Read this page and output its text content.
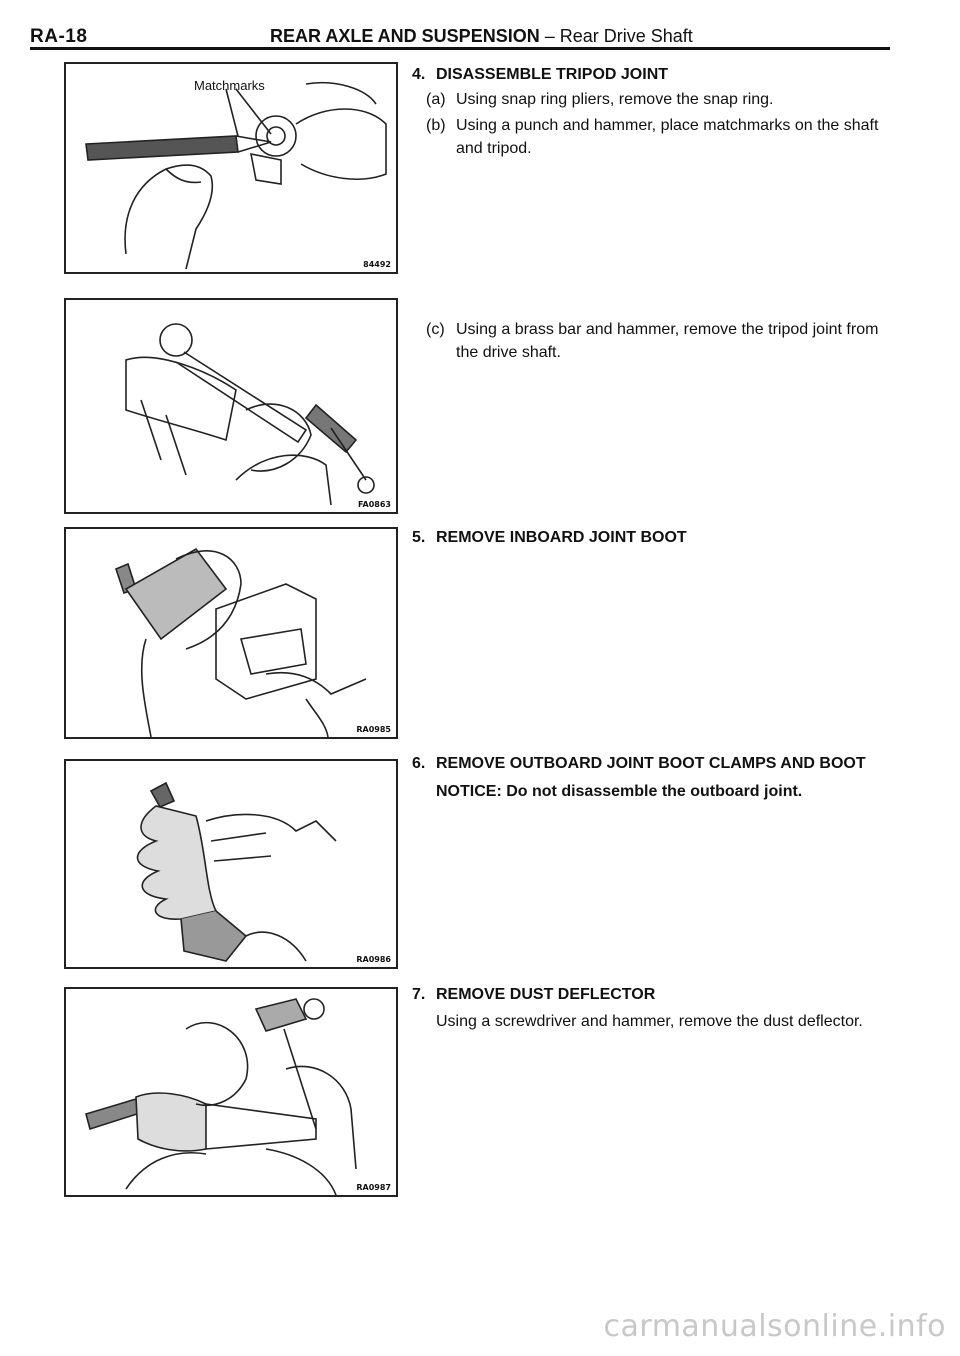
RA-18	REAR AXLE AND SUSPENSION – Rear Drive Shaft
Matchmarks
84492
FA0863
RA0985
RA0986
RA0987
4. DISASSEMBLE TRIPOD JOINT
(a) Using snap ring pliers, remove the snap ring.
(b) Using a punch and hammer, place matchmarks on the shaft and tripod.
(c) Using a brass bar and hammer, remove the tripod joint from the drive shaft.
5. REMOVE INBOARD JOINT BOOT
6. REMOVE OUTBOARD JOINT BOOT CLAMPS AND BOOT
NOTICE: Do not disassemble the outboard joint.
7. REMOVE DUST DEFLECTOR
Using a screwdriver and hammer, remove the dust deflector.
carmanualsonline.info
